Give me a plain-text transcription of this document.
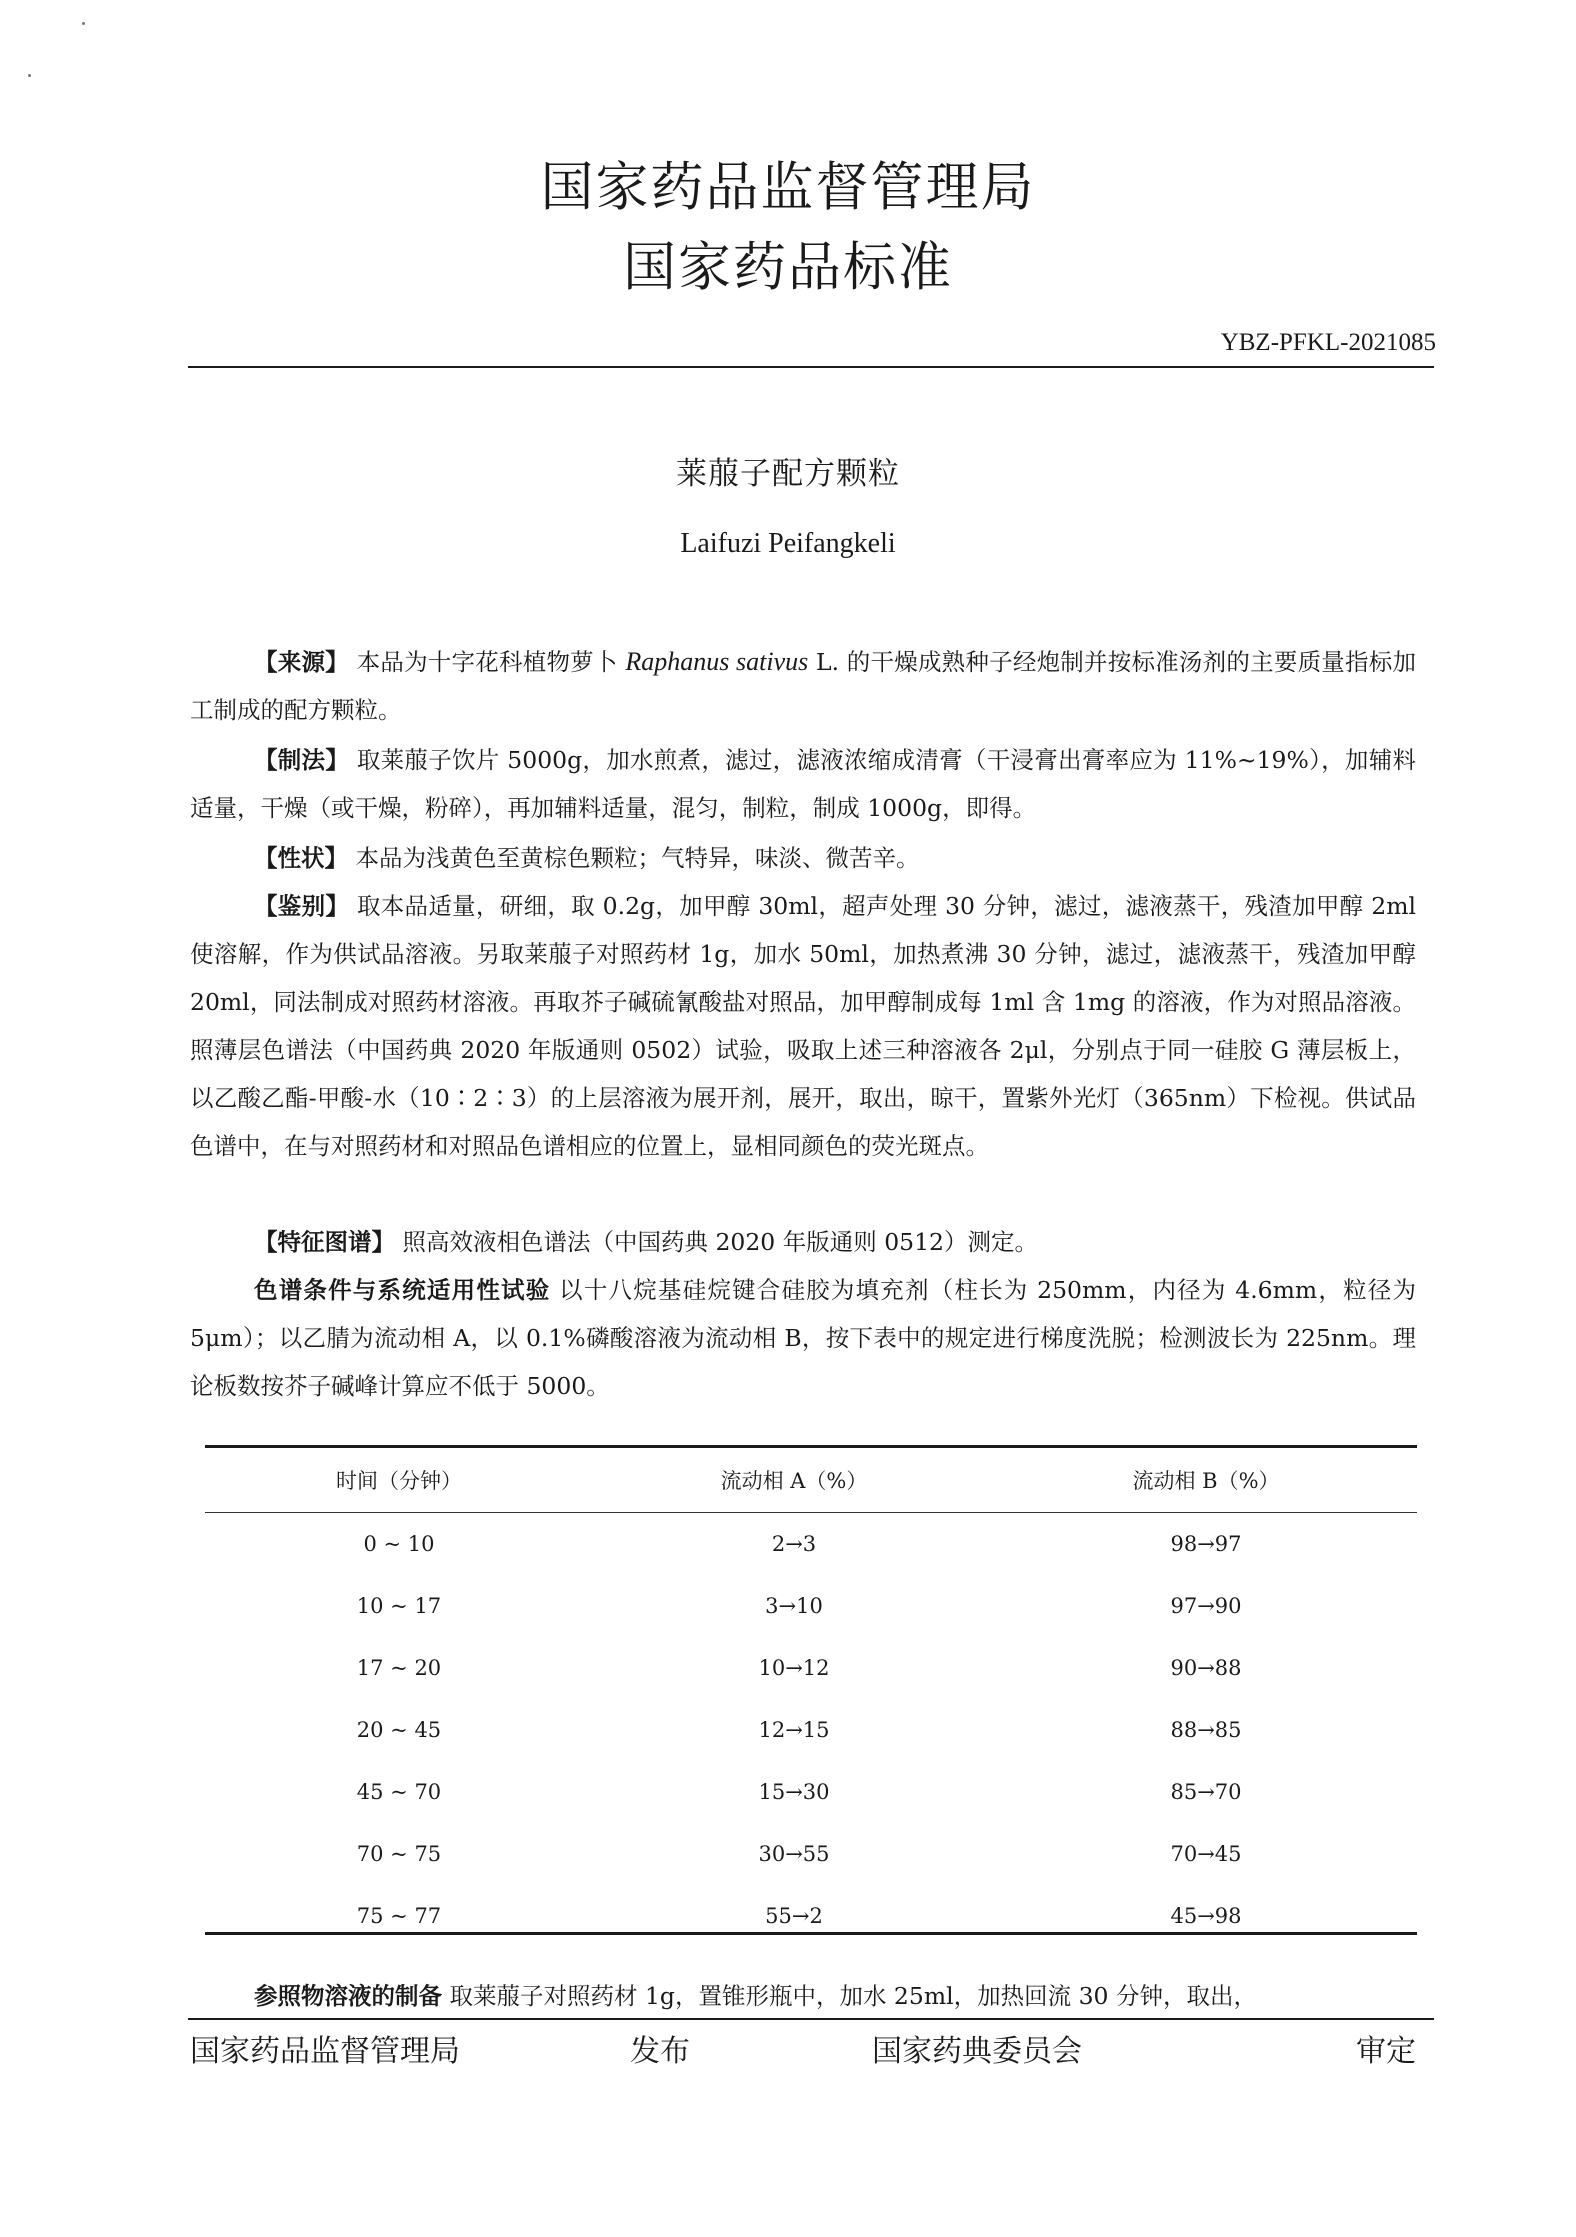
国家药品监督管理局
国家药品标准
YBZ-PFKL-2021085
莱菔子配方颗粒
Laifuzi Peifangkeli

【来源】 本品为十字花科植物萝卜 Raphanus sativus L. 的干燥成熟种子经炮制并按标准汤剂的主要质量指标加工制成的配方颗粒。

【制法】 取莱菔子饮片 5000g，加水煎煮，滤过，滤液浓缩成清膏（干浸膏出膏率应为 11%~19%），加辅料适量，干燥（或干燥，粉碎），再加辅料适量，混匀，制粒，制成 1000g，即得。

【性状】 本品为浅黄色至黄棕色颗粒；气特异，味淡、微苦辛。

【鉴别】 取本品适量，研细，取 0.2g，加甲醇 30ml，超声处理 30 分钟，滤过，滤液蒸干，残渣加甲醇 2ml 使溶解，作为供试品溶液。另取莱菔子对照药材 1g，加水 50ml，加热煮沸 30 分钟，滤过，滤液蒸干，残渣加甲醇 20ml，同法制成对照药材溶液。再取芥子碱硫氰酸盐对照品，加甲醇制成每 1ml 含 1mg 的溶液，作为对照品溶液。照薄层色谱法（中国药典 2020 年版通则 0502）试验，吸取上述三种溶液各 2μl，分别点于同一硅胶 G 薄层板上，以乙酸乙酯-甲酸-水（10∶2∶3）的上层溶液为展开剂，展开，取出，晾干，置紫外光灯（365nm）下检视。供试品色谱中，在与对照药材和对照品色谱相应的位置上，显相同颜色的荧光斑点。

【特征图谱】 照高效液相色谱法（中国药典 2020 年版通则 0512）测定。

色谱条件与系统适用性试验 以十八烷基硅烷键合硅胶为填充剂（柱长为 250mm，内径为 4.6mm，粒径为 5μm）；以乙腈为流动相 A，以 0.1%磷酸溶液为流动相 B，按下表中的规定进行梯度洗脱；检测波长为 225nm。理论板数按芥子碱峰计算应不低于 5000。

时间（分钟）	流动相 A（%）	流动相 B（%）
0 ~ 10	2→3	98→97
10 ~ 17	3→10	97→90
17 ~ 20	10→12	90→88
20 ~ 45	12→15	88→85
45 ~ 70	15→30	85→70
70 ~ 75	30→55	70→45
75 ~ 77	55→2	45→98

参照物溶液的制备 取莱菔子对照药材 1g，置锥形瓶中，加水 25ml，加热回流 30 分钟，取出，

国家药品监督管理局	发布	国家药典委员会	审定
